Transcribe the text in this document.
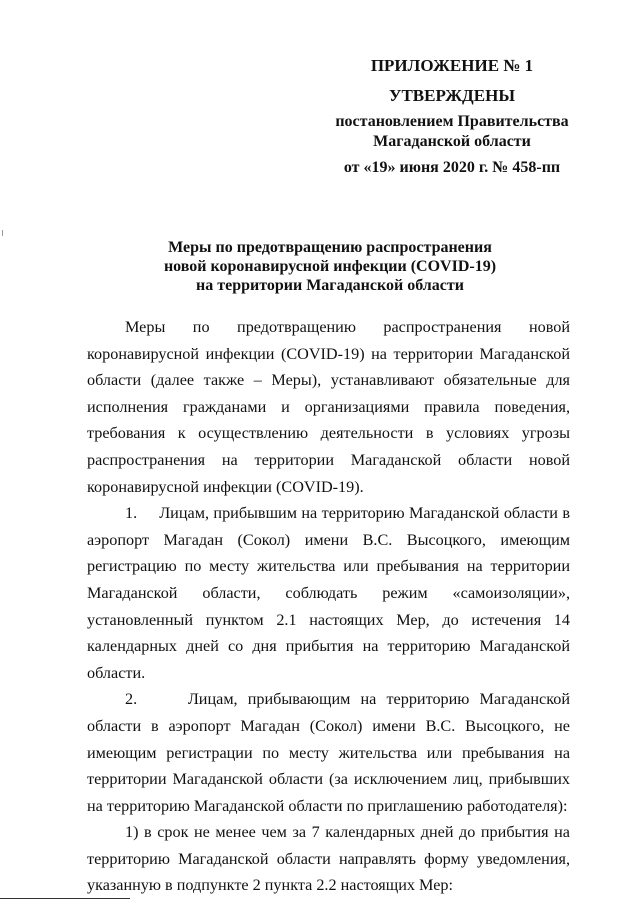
ПРИЛОЖЕНИЕ № 1
УТВЕРЖДЕНЫ
постановлением Правительства
Магаданской области
от «19» июня 2020 г. № 458-пп
Меры по предотвращению распространения
новой коронавирусной инфекции (COVID-19)
на территории Магаданской области

Меры по предотвращению распространения новой коронавирусной инфекции (COVID-19) на территории Магаданской области (далее также – Меры), устанавливают обязательные для исполнения гражданами и организациями правила поведения, требования к осуществлению деятельности в условиях угрозы распространения на территории Магаданской области новой коронавирусной инфекции (COVID-19).

1.     Лицам, прибывшим на территорию Магаданской области в аэропорт Магадан (Сокол) имени В.С. Высоцкого, имеющим регистрацию по месту жительства или пребывания на территории Магаданской области, соблюдать режим «самоизоляции», установленный пунктом 2.1 настоящих Мер, до истечения 14 календарных дней со дня прибытия на территорию Магаданской области.

2.     Лицам, прибывающим на территорию Магаданской области в аэропорт Магадан (Сокол) имени В.С. Высоцкого, не имеющим регистрации по месту жительства или пребывания на территории Магаданской области (за исключением лиц, прибывших на территорию Магаданской области по приглашению работодателя):

1) в срок не менее чем за 7 календарных дней до прибытия на территорию Магаданской области направлять форму уведомления, указанную в подпункте 2 пункта 2.2 настоящих Мер:
